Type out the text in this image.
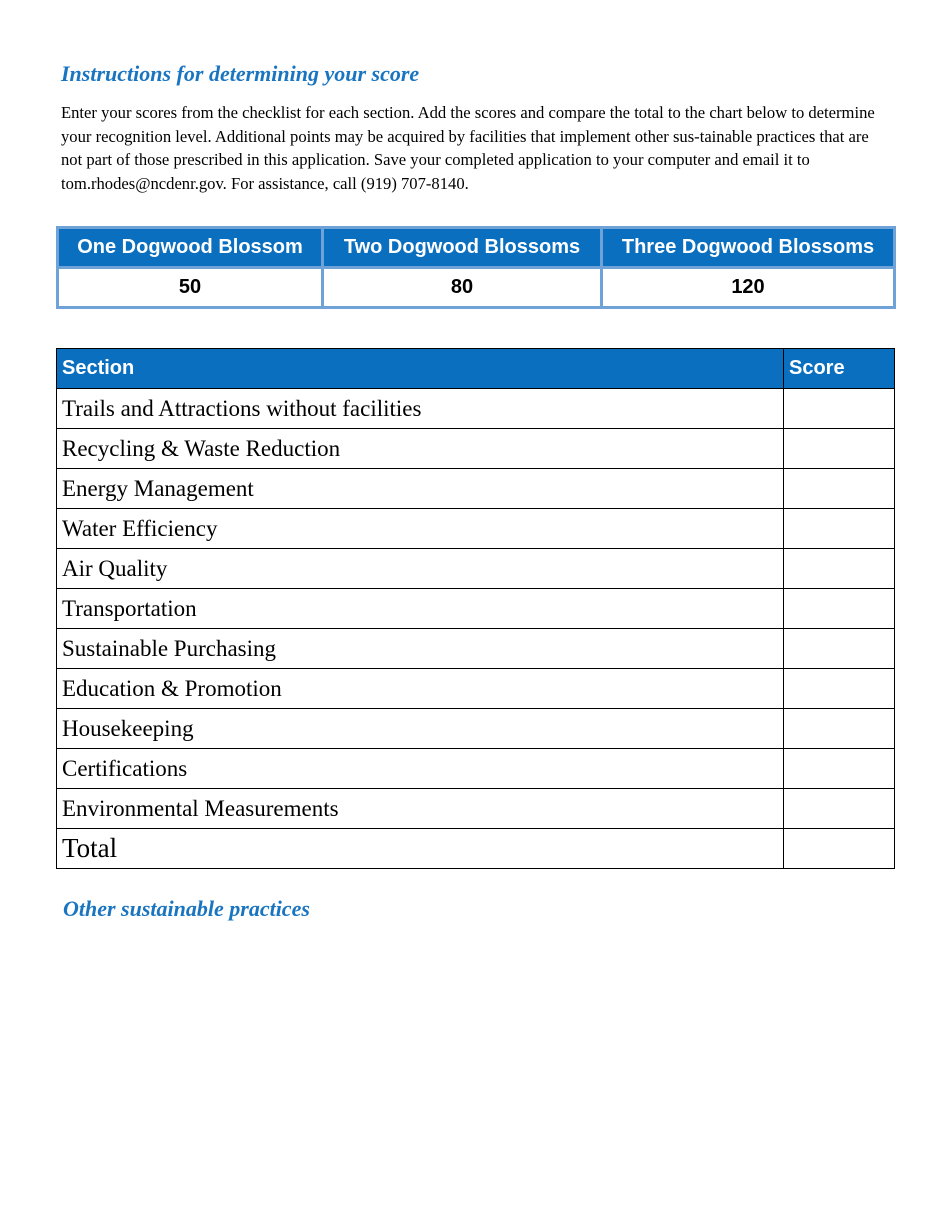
Instructions for determining your score

Enter your scores from the checklist for each section. Add the scores and compare the total to the chart below to determine your recognition level. Additional points may be acquired by facilities that implement other sus-tainable practices that are not part of those prescribed in this application. Save your completed application to your computer and email it to tom.rhodes@ncdenr.gov. For assistance, call (919) 707-8140.

One Dogwood Blossom	Two Dogwood Blossoms	Three Dogwood Blossoms
50	80	120
Section	Score
Trails and Attractions without facilities	
Recycling & Waste Reduction	
Energy Management	
Water Efficiency	
Air Quality	
Transportation	
Sustainable Purchasing	
Education & Promotion	
Housekeeping	
Certifications	
Environmental Measurements	
Total	
Other sustainable practices
